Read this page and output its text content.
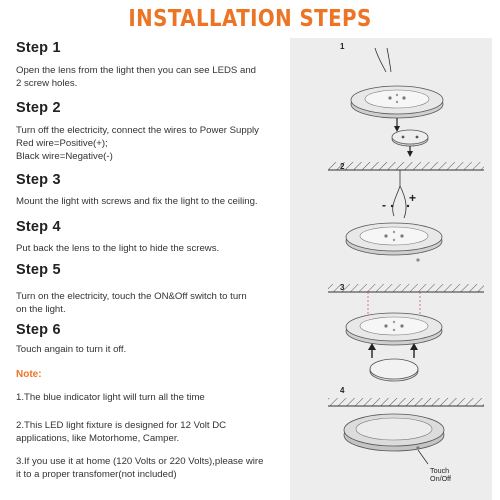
INSTALLATION STEPS
Step 1
Open the lens from the light then you can see LEDS and
2 screw holes.
Step 2
Turn off the electricity, connect the wires to Power Supply
Red wire=Positive(+);
Black wire=Negative(-)
Step 3
Mount the light with screws and fix the light to the ceiling.
Step 4
Put back the lens to the light to hide the screws.
Step 5
Turn on the electricity, touch the ON&Off switch to turn
on the light.
Step 6
Touch angain to turn it off.
Note:
1.The blue indicator light will turn all the time
2.This LED light fixture is designed for 12 Volt DC
applications, like Motorhome, Camper.
3.If you use it at home (120 Volts or 220 Volts),please wire
it to a proper transfomer(not included)
1
2
3
4
- +
Touch
On/Off
